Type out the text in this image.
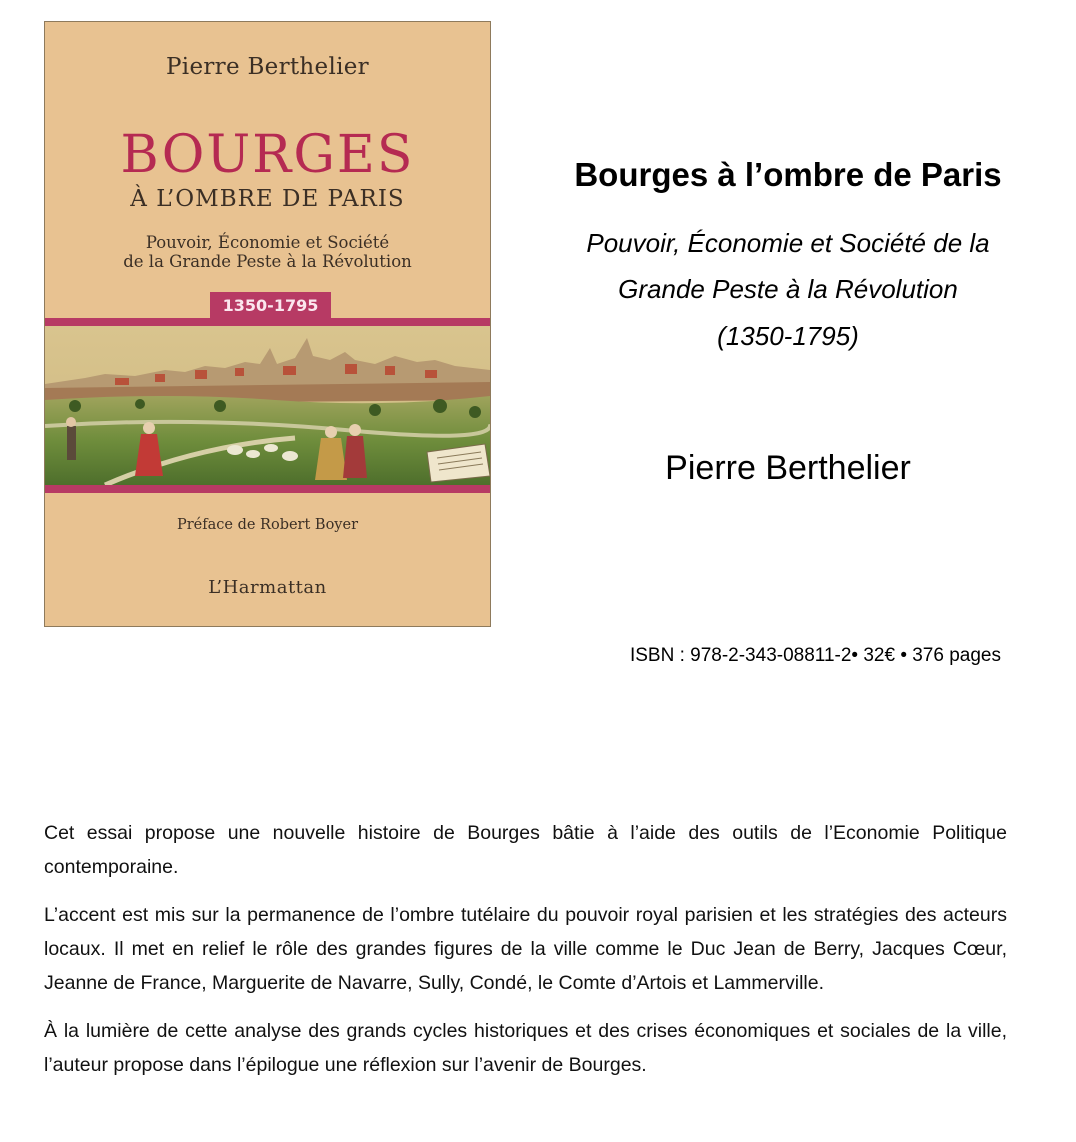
Pierre Berthelier
BOURGES
À L’OMBRE DE PARIS
Pouvoir, Économie et Société
de la Grande Peste à la Révolution
1350-1795
Préface de Robert Boyer
L’Harmattan
Bourges à l’ombre de Paris
Pouvoir, Économie et Société de la
Grande Peste à la Révolution
(1350-1795)
Pierre Berthelier
ISBN : 978-2-343-08811-2• 32€ • 376 pages

Cet essai propose une nouvelle histoire de Bourges bâtie à l’aide des outils de l’Economie Politique contemporaine.

L’accent est mis sur la permanence de l’ombre tutélaire du pouvoir royal parisien et les stratégies des acteurs locaux. Il met en relief le rôle des grandes figures de la ville comme le Duc Jean de Berry, Jacques Cœur, Jeanne de France, Marguerite de Navarre, Sully, Condé, le Comte d’Artois et Lammerville.

À la lumière de cette analyse des grands cycles historiques et des crises économiques et sociales de la ville, l’auteur propose dans l’épilogue une réflexion sur l’avenir de Bourges.
